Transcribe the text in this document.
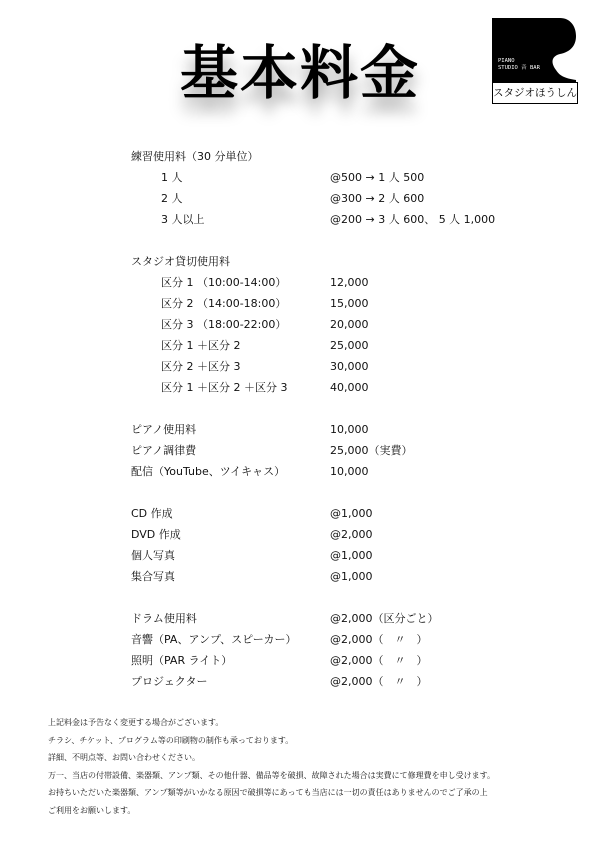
基本料金	PIANO
STUDIO 音 BAR
スタジオほうしん
練習使用料（30 分単位）
1 人	@500 → 1 人 500
2 人	@300 → 2 人 600
3 人以上	@200 → 3 人 600、 5 人 1,000
スタジオ貸切使用料
区分 1 （10:00-14:00）	12,000
区分 2 （14:00-18:00）	15,000
区分 3 （18:00-22:00）	20,000
区分 1 ＋区分 2	25,000
区分 2 ＋区分 3	30,000
区分 1 ＋区分 2 ＋区分 3	40,000
ピアノ使用料	10,000
ピアノ調律費	25,000（実費）
配信（YouTube、ツイキャス）	10,000
CD 作成	@1,000
DVD 作成	@2,000
個人写真	@1,000
集合写真	@1,000
ドラム使用料	@2,000（区分ごと）
音響（PA、アンプ、スピーカー）	@2,000（　〃　）
照明（PAR ライト）	@2,000（　〃　）
プロジェクター	@2,000（　〃　）
上記料金は予告なく変更する場合がございます。
チラシ、チケット、プログラム等の印刷物の制作も承っております。
詳細、不明点等、お問い合わせください。
万一、当店の付帯設備、楽器類、アンプ類、その他什器、備品等を破損、故障された場合は実費にて修理費を申し受けます。
お持ちいただいた楽器類、アンプ類等がいかなる原因で破損等にあっても当店には一切の責任はありませんのでご了承の上
ご利用をお願いします。
